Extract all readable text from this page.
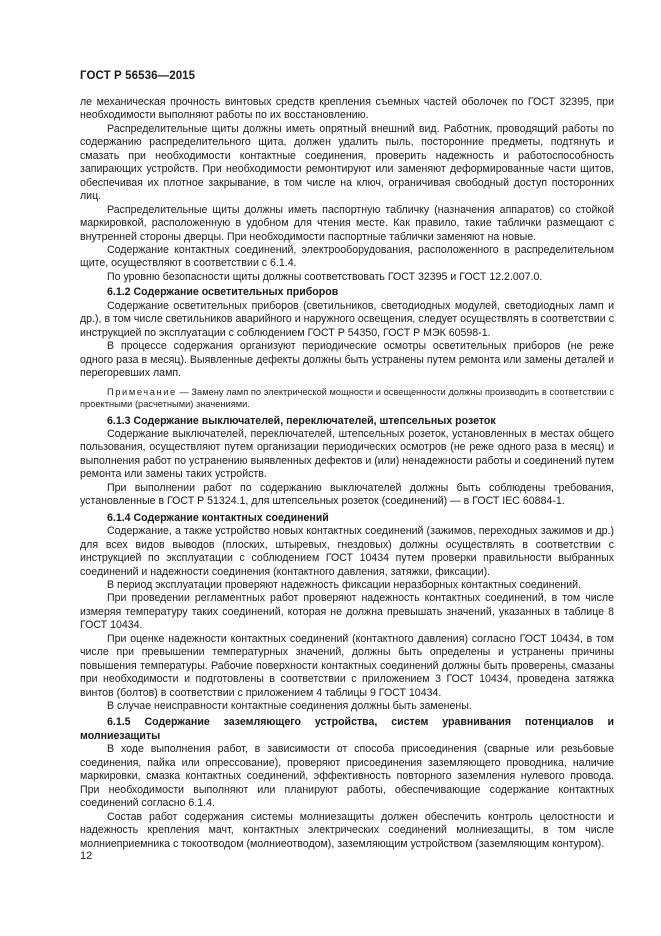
ГОСТ Р 56536—2015

ле механическая прочность винтовых средств крепления съемных частей оболочек по ГОСТ 32395, при необходимости выполняют работы по их восстановлению.

Распределительные щиты должны иметь опрятный внешний вид. Работник, проводящий работы по содержанию распределительного щита, должен удалить пыль, посторонние предметы, подтянуть и смазать при необходимости контактные соединения, проверить надежность и работоспособность запирающих устройств. При необходимости ремонтируют или заменяют деформированные части щитов, обеспечивая их плотное закрывание, в том числе на ключ, ограничивая свободный доступ посторонних лиц.

Распределительные щиты должны иметь паспортную табличку (назначения аппаратов) со стойкой маркировкой, расположенную в удобном для чтения месте. Как правило, такие таблички размещают с внутренней стороны дверцы. При необходимости паспортные таблички заменяют на новые.

Содержание контактных соединений, электрооборудования, расположенного в распределительном щите, осуществляют в соответствии с 6.1.4.

По уровню безопасности щиты должны соответствовать ГОСТ 32395 и ГОСТ 12.2.007.0.

6.1.2 Содержание осветительных приборов

Содержание осветительных приборов (светильников, светодиодных модулей, светодиодных ламп и др.), в том числе светильников аварийного и наружного освещения, следует осуществлять в соответствии с инструкцией по эксплуатации с соблюдением ГОСТ Р 54350, ГОСТ Р МЭК 60598-1.

В процессе содержания организуют периодические осмотры осветительных приборов (не реже одного раза в месяц). Выявленные дефекты должны быть устранены путем ремонта или замены деталей и перегоревших ламп.

Примечание — Замену ламп по электрической мощности и освещенности должны производить в соответствии с проектными (расчетными) значениями.

6.1.3 Содержание выключателей, переключателей, штепсельных розеток

Содержание выключателей, переключателей, штепсельных розеток, установленных в местах общего пользования, осуществляют путем организации периодических осмотров (не реже одного раза в месяц) и выполнения работ по устранению выявленных дефектов и (или) ненадежности работы и соединений путем ремонта или замены таких устройств.

При выполнении работ по содержанию выключателей должны быть соблюдены требования, установленные в ГОСТ Р 51324.1, для штепсельных розеток (соединений) — в ГОСТ IEC 60884-1.

6.1.4 Содержание контактных соединений

Содержание, а также устройство новых контактных соединений (зажимов, переходных зажимов и др.) для всех видов выводов (плоских, штыревых, гнездовых) должны осуществлять в соответствии с инструкцией по эксплуатации с соблюдением ГОСТ 10434 путем проверки правильности выбранных соединений и надежности соединения (контактного давления, затяжки, фиксации).

В период эксплуатации проверяют надежность фиксации неразборных контактных соединений.

При проведении регламентных работ проверяют надежность контактных соединений, в том числе измеряя температуру таких соединений, которая не должна превышать значений, указанных в таблице 8 ГОСТ 10434.

При оценке надежности контактных соединений (контактного давления) согласно ГОСТ 10434, в том числе при превышении температурных значений, должны быть определены и устранены причины повышения температуры. Рабочие поверхности контактных соединений должны быть проверены, смазаны при необходимости и подготовлены в соответствии с приложением 3 ГОСТ 10434, проведена затяжка винтов (болтов) в соответствии с приложением 4 таблицы 9 ГОСТ 10434.

В случае неисправности контактные соединения должны быть заменены.

6.1.5 Содержание заземляющего устройства, систем уравнивания потенциалов и молниезащиты

В ходе выполнения работ, в зависимости от способа присоединения (сварные или резьбовые соединения, пайка или опрессование), проверяют присоединения заземляющего проводника, наличие маркировки, смазка контактных соединений, эффективность повторного заземления нулевого провода. При необходимости выполняют или планируют работы, обеспечивающие содержание контактных соединений согласно 6.1.4.

Состав работ содержания системы молниезащиты должен обеспечить контроль целостности и надежность крепления мачт, контактных электрических соединений молниезащиты, в том числе молниеприемника с токоотводом (молниеотводом), заземляющим устройством (заземляющим контуром).

12
